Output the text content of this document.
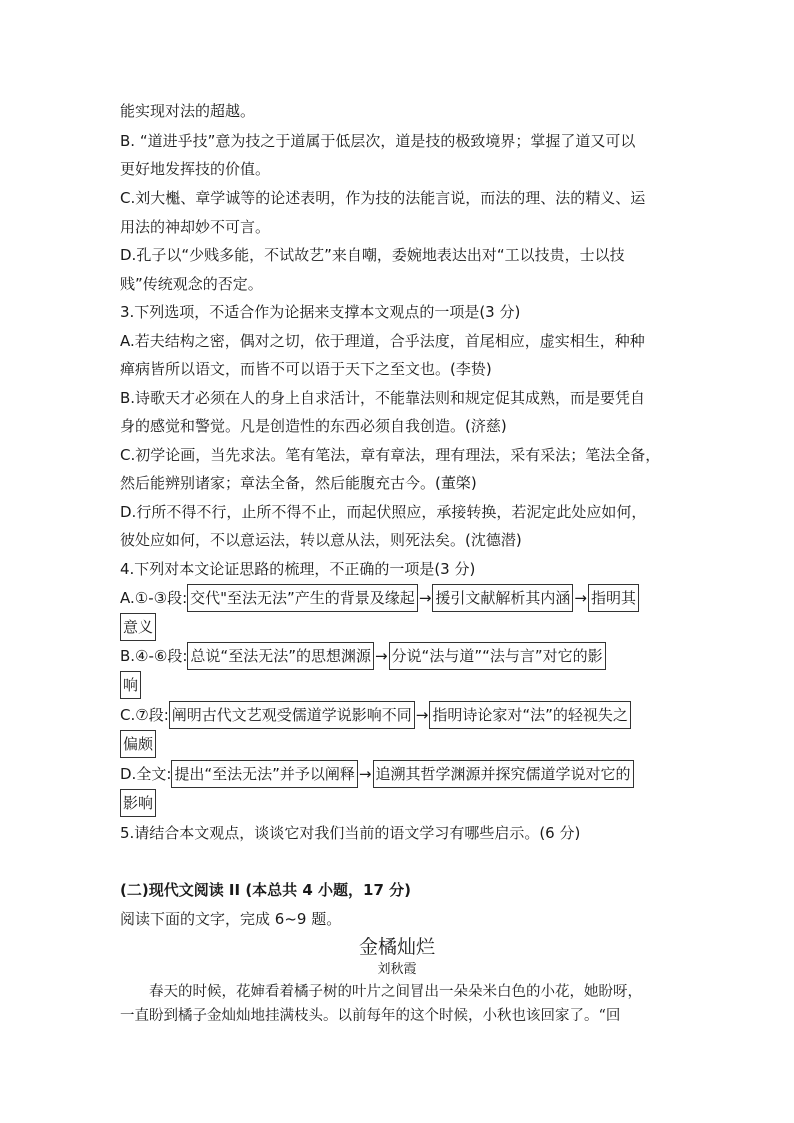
能实现对法的超越。
B. “道进乎技”意为技之于道属于低层次，道是技的极致境界；掌握了道又可以
更好地发挥技的价值。
C.刘大櫆、章学诚等的论述表明，作为技的法能言说，而法的理、法的精义、运
用法的神却妙不可言。
D.孔子以“少贱多能，不试故艺”来自嘲，委婉地表达出对“工以技贵，士以技
贱”传统观念的否定。
3.下列选项，不适合作为论据来支撑本文观点的一项是(3 分)
A.若夫结构之密，偶对之切，依于理道，合乎法度，首尾相应，虚实相生，种种
瘅病皆所以语文，而皆不可以语于天下之至文也。(李贽)
B.诗歌天才必须在人的身上自求活计，不能靠法则和规定促其成熟，而是要凭自
身的感觉和警觉。凡是创造性的东西必须自我创造。(济慈)
C.初学论画，当先求法。笔有笔法，章有章法，理有理法，采有采法；笔法全备，
然后能辨别诸家；章法全备，然后能腹充古今。(董棨)
D.行所不得不行，止所不得不止，而起伏照应，承接转换，若泥定此处应如何，
彼处应如何，不以意运法，转以意从法，则死法矣。(沈德潜)
4.下列对本文论证思路的梳理，不正确的一项是(3 分)
A.①-③段: 交代"至法无法”产生的背景及缘起 → 援引文献解析其内涵 → 指明其
意义
B.④-⑥段: 总说“至法无法”的思想渊源 → 分说“法与道”“法与言”对它的影
响
C.⑦段: 阐明古代文艺观受儒道学说影响不同 → 指明诗论家对“法”的轻视失之
偏颇
D.全文: 提出“至法无法”并予以阐释 → 追溯其哲学渊源并探究儒道学说对它的
影响
5.请结合本文观点，谈谈它对我们当前的语文学习有哪些启示。(6 分)
(二)现代文阅读 II (本总共 4 小题，17 分)
阅读下面的文字，完成 6~9 题。
金橘灿烂
刘秋霞
　　春天的时候，花婶看着橘子树的叶片之间冒出一朵朵米白色的小花，她盼呀，
一直盼到橘子金灿灿地挂满枝头。以前每年的这个时候，小秋也该回家了。“回
